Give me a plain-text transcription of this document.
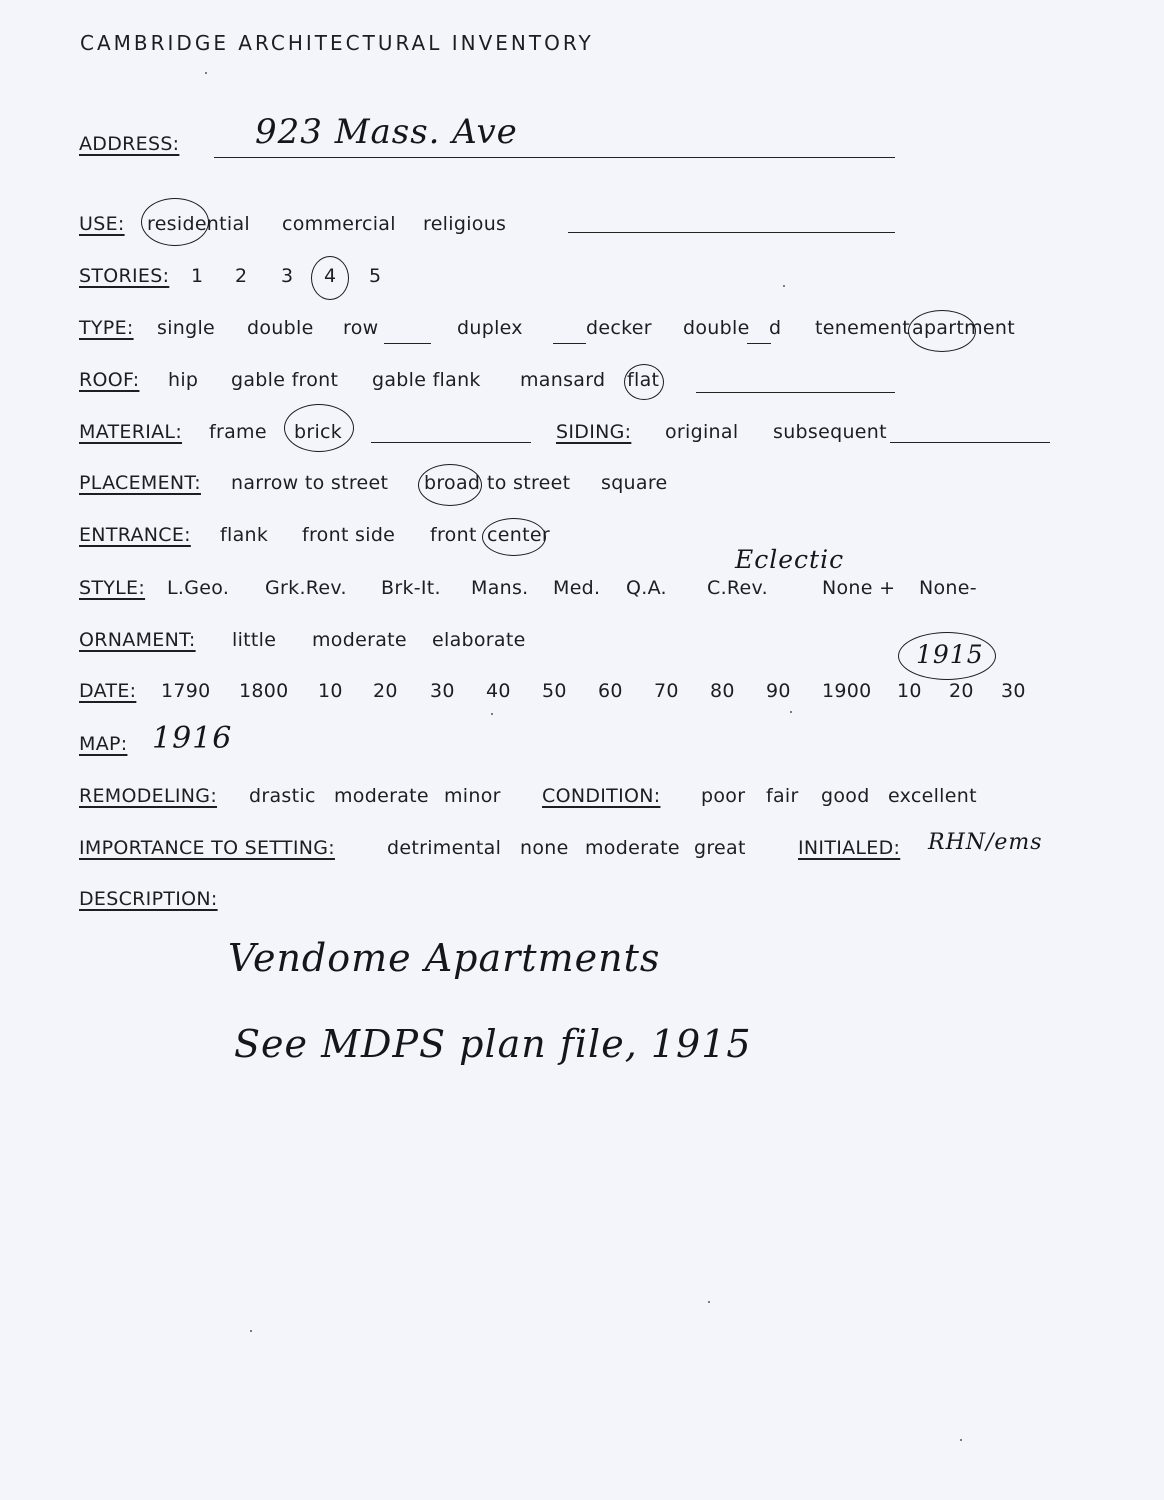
CAMBRIDGE ARCHITECTURAL INVENTORY
ADDRESS: 923 Mass. Ave
USE: residential commercial religious
STORIES: 1 2 3 4 5
TYPE: single double row	duplex	decker double d tenement apartment
ROOF: hip gable front gable flank mansard flat
MATERIAL: frame brick	SIDING: original subsequent
PLACEMENT: narrow to street broad to street square
ENTRANCE: flank front side front center
Eclectic
STYLE: L.Geo. Grk.Rev. Brk-It. Mans. Med. Q.A. C.Rev.	None + None-
ORNAMENT: little moderate elaborate	1915
DATE: 1790 1800 10 20 30 40 50 60 70 80 90 1900 10 20 30
MAP: 1916
REMODELING: drastic moderate minor CONDITION: poor fair good excellent
IMPORTANCE TO SETTING:	detrimental none moderate great	INITIALED: RHN/ems
DESCRIPTION:
Vendome Apartments
See MDPS plan file, 1915
